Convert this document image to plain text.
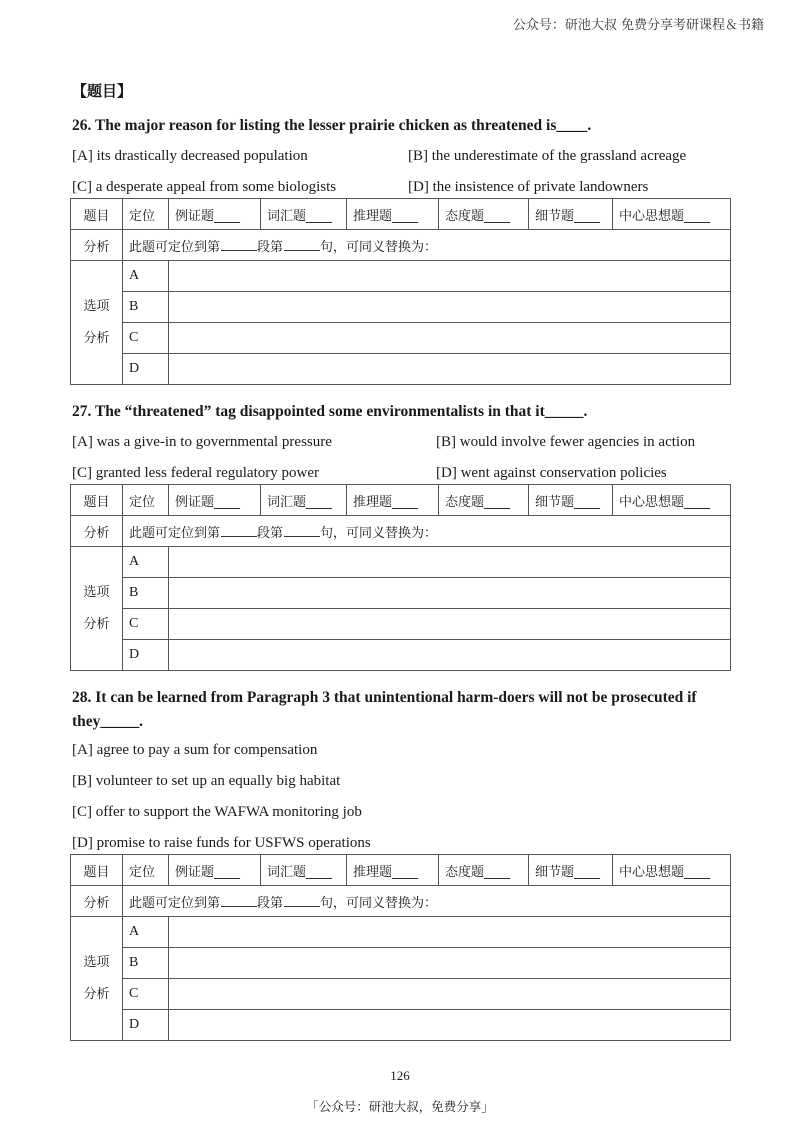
公众号：研池大叔 免费分享考研课程＆书籍
【题目】
26. The major reason for listing the lesser prairie chicken as threatened is____.
[A] its drastically decreased population	[B] the underestimate of the grassland acreage
[C] a desperate appeal from some biologists	[D] the insistence of private landowners
题目	定位	例证题____	词汇题____	推理题____	态度题____	细节题____	中心思想题____
分析	此题可定位到第 段第 句，可同义替换为：						

选项
分析	A						
	B						
	C						
	D						
27. The “threatened” tag disappointed some environmentalists in that it_____.
[A] was a give-in to governmental pressure	[B] would involve fewer agencies in action
[C] granted less federal regulatory power	[D] went against conservation policies
题目	定位	例证题____	词汇题____	推理题____	态度题____	细节题____	中心思想题____
分析	此题可定位到第 段第 句，可同义替换为：						

选项
分析	A						
	B						
	C						
	D						
28. It can be learned from Paragraph 3 that unintentional harm-doers will not be prosecuted if they_____.
[A] agree to pay a sum for compensation
[B] volunteer to set up an equally big habitat
[C] offer to support the WAFWA monitoring job
[D] promise to raise funds for USFWS operations
题目	定位	例证题____	词汇题____	推理题____	态度题____	细节题____	中心思想题____
分析	此题可定位到第 段第 句，可同义替换为：						

选项
分析	A						
	B						
	C						
	D						
126
「公众号：研池大叔，免费分享」
